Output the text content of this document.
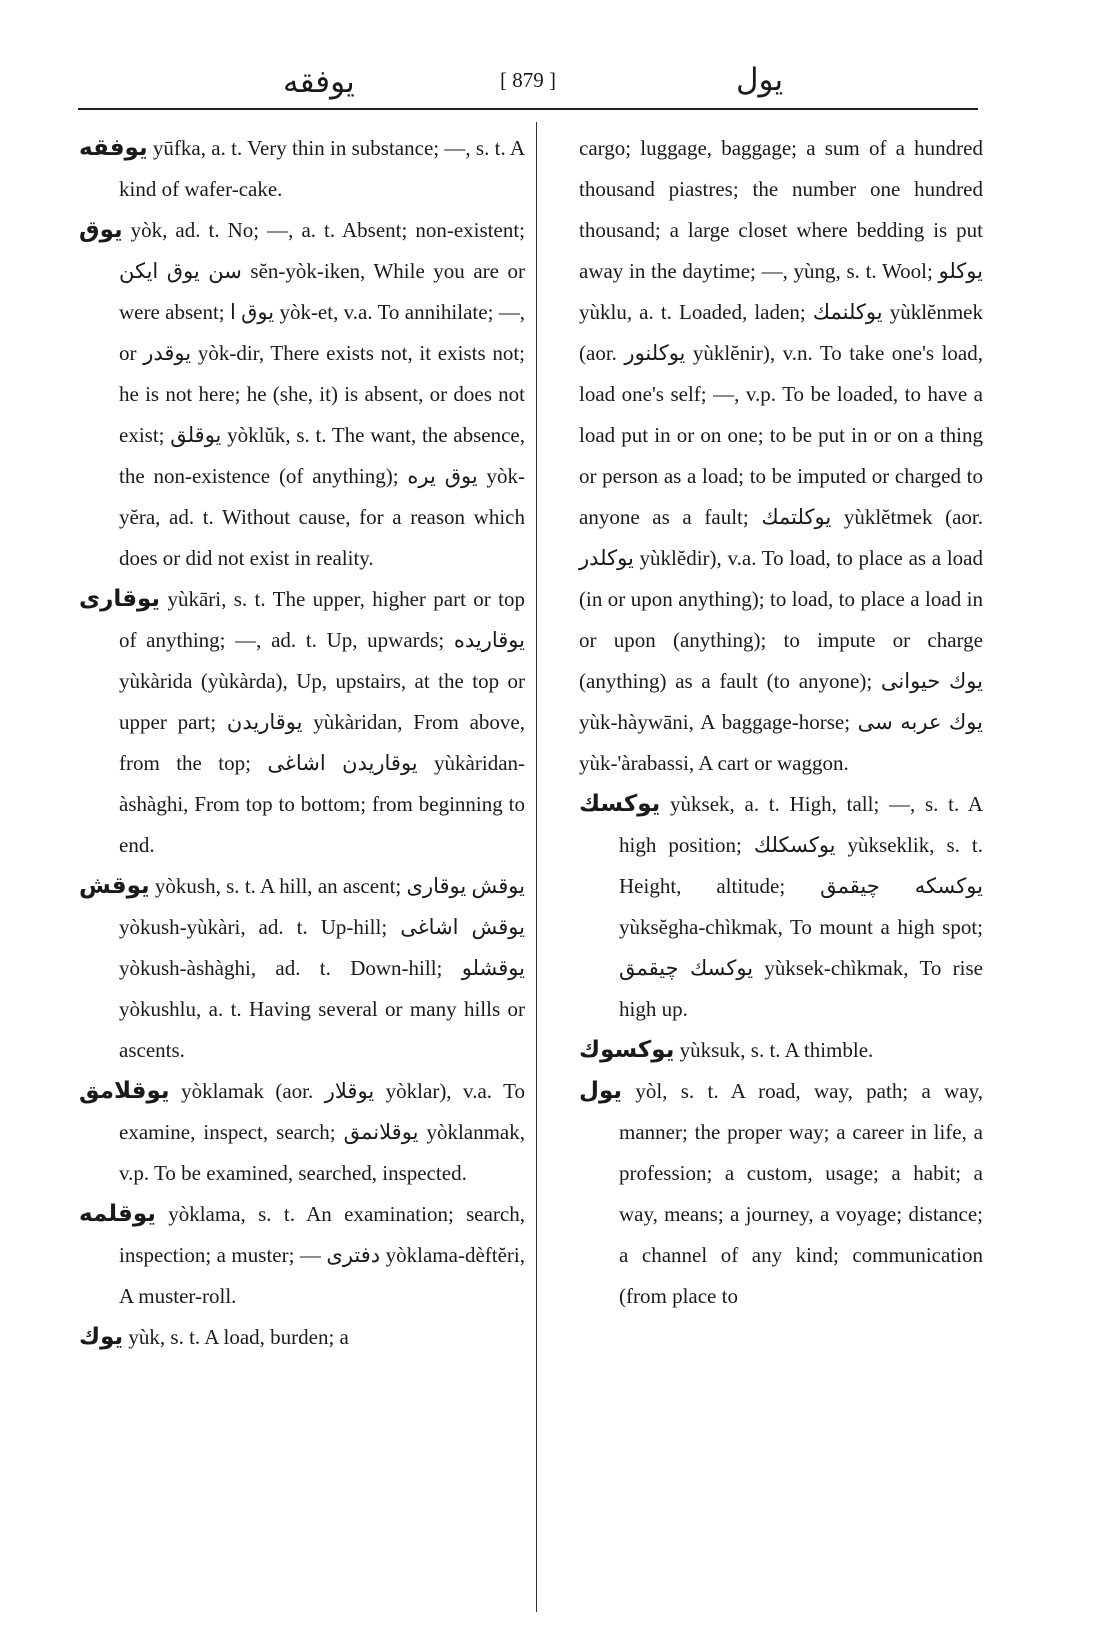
يوفقه	[ 879 ]	يول

يوفقه yūfka, a. t. Very thin in substance; —, s. t. A kind of wafer-cake.

يوق yòk, ad. t. No; —, a. t. Absent; non-existent; سن يوق ايكن sĕn-yòk-iken, While you are or were absent; يوق ا yòk-et, v.a. To annihilate; —, or يوقدر yòk-dir, There exists not, it exists not; he is not here; he (she, it) is absent, or does not exist; يوقلق yòklŭk, s. t. The want, the absence, the non-existence (of anything); يوق يره yòk-yĕra, ad. t. Without cause, for a reason which does or did not exist in reality.

يوقارى yùkāri, s. t. The upper, higher part or top of anything; —, ad. t. Up, upwards; يوقاريده yùkàrida (yùkàrda), Up, upstairs, at the top or upper part; يوقاريدن yùkàridan, From above, from the top; يوقاريدن اشاغى yùkàridan-àshàghi, From top to bottom; from beginning to end.

يوقش yòkush, s. t. A hill, an ascent; يوقش يوقارى yòkush-yùkàri, ad. t. Up-hill; يوقش اشاغى yòkush-àshàghi, ad. t. Down-hill; يوقشلو yòkushlu, a. t. Having several or many hills or ascents.

يوقلامق yòklamak (aor. يوقلار yòklar), v.a. To examine, inspect, search; يوقلانمق yòklanmak, v.p. To be examined, searched, inspected.

يوقلمه yòklama, s. t. An examination; search, inspection; a muster; — دفترى yòklama-dèftĕri, A muster-roll.

يوك yùk, s. t. A load, burden; a

cargo; luggage, baggage; a sum of a hundred thousand piastres; the number one hundred thousand; a large closet where bedding is put away in the daytime; —, yùng, s. t. Wool; يوكلو yùklu, a. t. Loaded, laden; يوكلنمك yùklĕnmek (aor. يوكلنور yùklĕnir), v.n. To take one's load, load one's self; —, v.p. To be loaded, to have a load put in or on one; to be put in or on a thing or person as a load; to be imputed or charged to anyone as a fault; يوكلتمك yùklĕtmek (aor. يوكلدر yùklĕdir), v.a. To load, to place as a load (in or upon anything); to load, to place a load in or upon (anything); to impute or charge (anything) as a fault (to anyone); يوك حيوانى yùk-hàywāni, A baggage-horse; يوك عربه سى yùk-'àrabassi, A cart or waggon.

يوكسك yùksek, a. t. High, tall; —, s. t. A high position; يوكسكلك yùkseklik, s. t. Height, altitude; يوكسكه چيقمق yùksĕgha-chìkmak, To mount a high spot; يوكسك چيقمق yùksek-chìkmak, To rise high up.

يوكسوك yùksuk, s. t. A thimble.

يول yòl, s. t. A road, way, path; a way, manner; the proper way; a career in life, a profession; a custom, usage; a habit; a way, means; a journey, a voyage; distance; a channel of any kind; communication (from place to
